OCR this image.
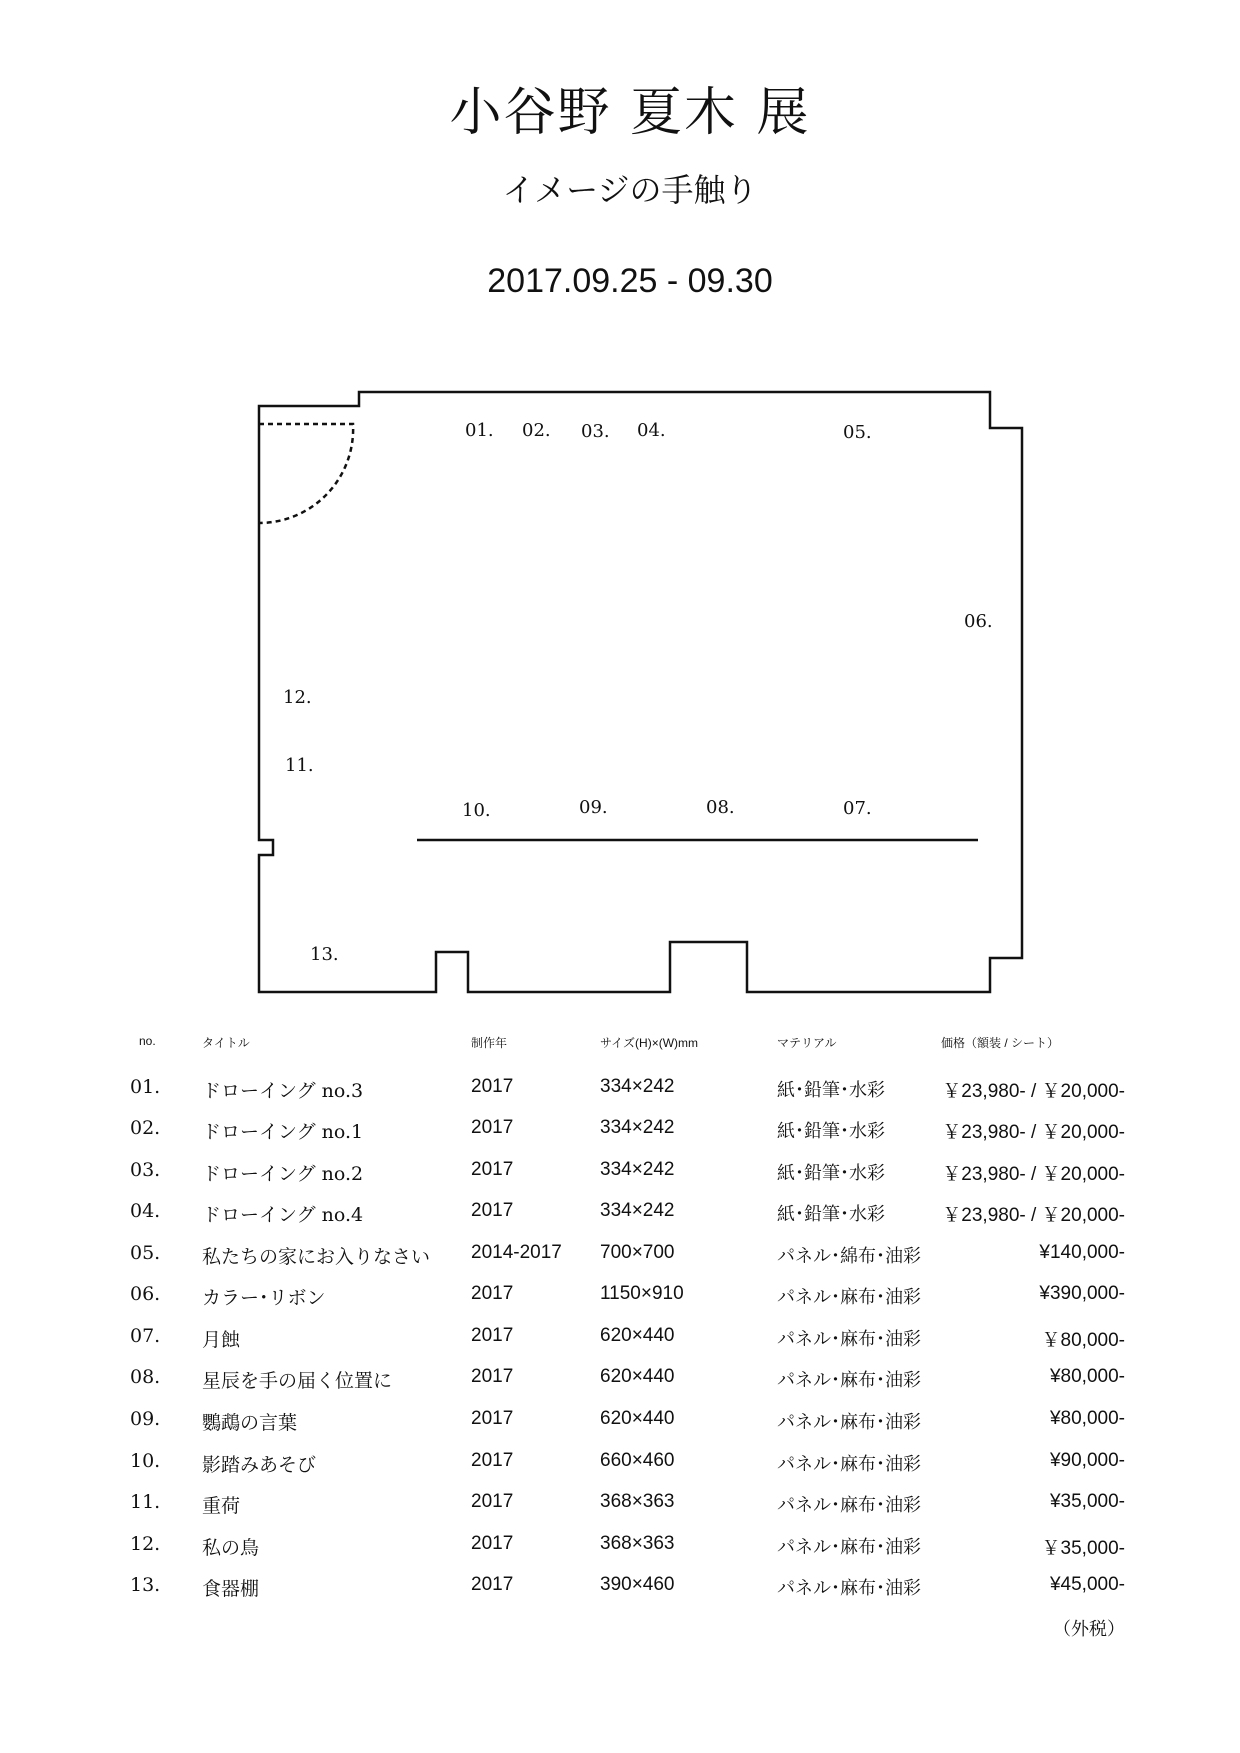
小谷野 夏木 展
イメージの手触り
2017.09.25 - 09.30
01. 02. 03. 04.	05.
06.
07.
08.
09.
10.
11.
12.
13.
no.	タイトル	制作年	サイズ(H)×(W)mm	マテリアル	価格（額装 / シート）
01. ドローイング no.3	2017	334×242	紙･鉛筆･水彩	￥23,980- / ￥20,000-
02. ドローイング no.1	2017	334×242	紙･鉛筆･水彩	￥23,980- / ￥20,000-
03. ドローイング no.2	2017	334×242	紙･鉛筆･水彩	￥23,980- / ￥20,000-
04. ドローイング no.4	2017	334×242	紙･鉛筆･水彩	￥23,980- / ￥20,000-
05. 私たちの家にお入りなさい 2014-2017 700×700	パネル･綿布･油彩	¥140,000-
06. カラー･リボン	2017	1150×910	パネル･麻布･油彩	¥390,000-
07. 月蝕	2017	620×440	パネル･麻布･油彩	￥80,000-
08. 星辰を手の届く位置に	2017	620×440	パネル･麻布･油彩	¥80,000-
09. 鸚鵡の言葉	2017	620×440	パネル･麻布･油彩	¥80,000-
10. 影踏みあそび	2017	660×460	パネル･麻布･油彩	¥90,000-
11. 重荷	2017	368×363	パネル･麻布･油彩	¥35,000-
12. 私の鳥	2017	368×363	パネル･麻布･油彩	￥35,000-
13. 食器棚	2017	390×460	パネル･麻布･油彩	¥45,000-
（外税）
